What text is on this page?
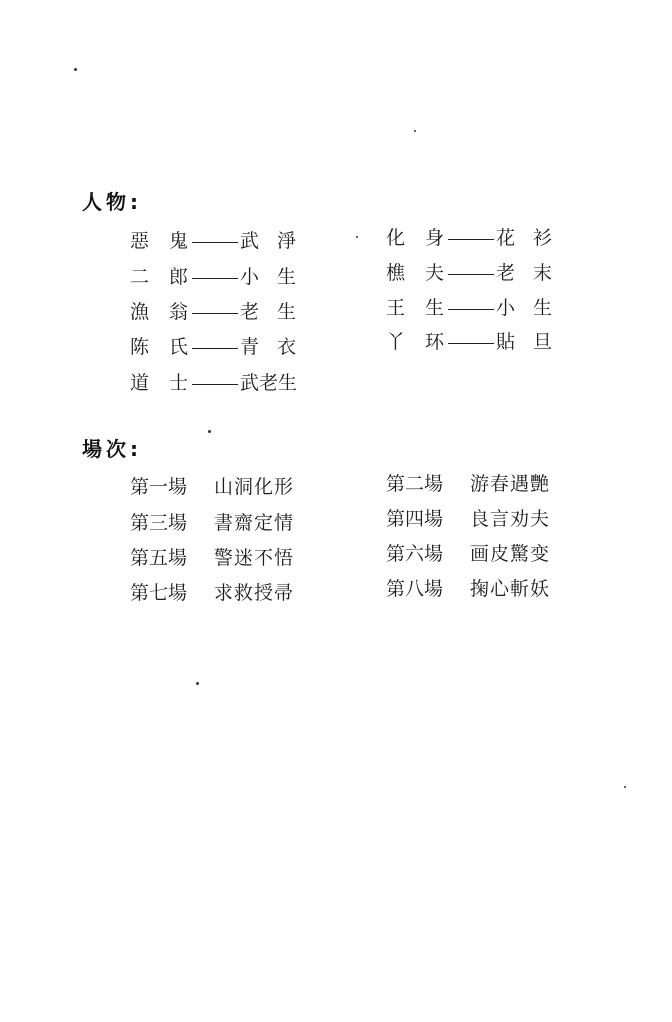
人物:
惡鬼 武淨
二郎 小生
漁翁 老生
陈氏 青衣
道士 武老生
化身 花衫
樵夫 老末
王生 小生
丫环 貼旦
場次:
第一場 山洞化形
第三場 書齋定情
第五場 警迷不悟
第七場 求救授帚
第二場 游春遇艷
第四場 良言劝夫
第六場 画皮驚变
第八場 掬心斬妖
